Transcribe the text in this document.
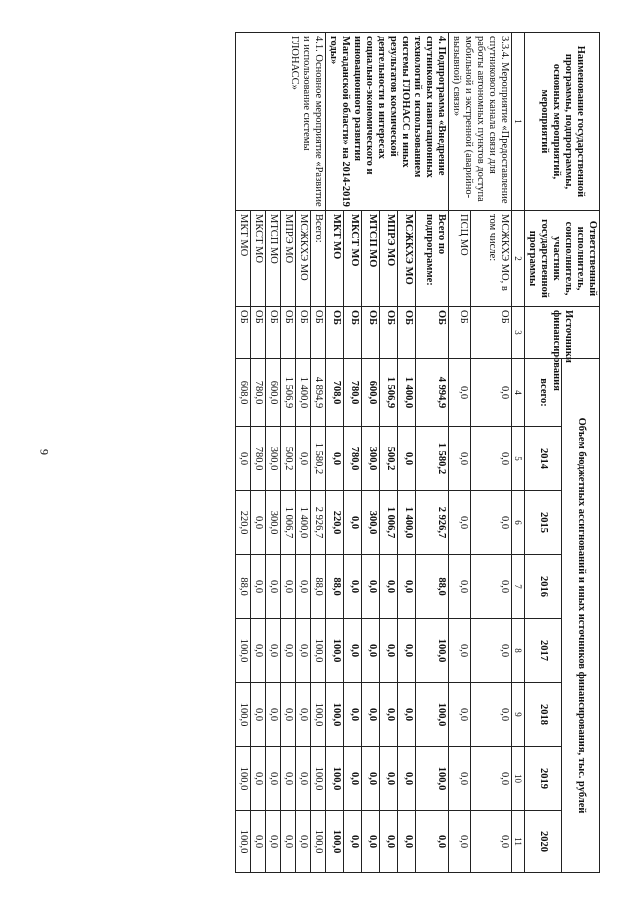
9
Наименование государственной программы, подпрограммы, основных мероприятий, мероприятий	Ответственный исполнитель, соисполнитель, участник государственной программы	Источники финансирования	Объем бюджетных ассигнований и иных источников финансирования, тыс. рублей							
			всего:	2014	2015	2016	2017	2018	2019	2020
1	2	3	4	5	6	7	8	9	10	11
3.3.4. Мероприятие «Предоставление спутникового канала связи для работы автономных пунктов доступа мобильной и экстренной (аварийно-вызывной) связи»	МСЖКХЭ МО, в том числе:	ОБ	0,0	0,0	0,0	0,0	0,0	0,0	0,0	0,0
	ПСЦ МО	ОБ	0,0	0,0	0,0	0,0	0,0	0,0	0,0	0,0
4. Подпрограмма «Внедрение спутниковых навигационных технологий с использованием системы ГЛОНАСС и иных результатов космической деятельности в интересах социально-экономического и инновационного развития Магаданской области» на 2014-2019 годы»	Всего по подпрограмме:	ОБ	4 994,9	1 580,2	2 926,7	88,0	100,0	100,0	100,0	0,0
	МСЖКХЭ МО	ОБ	1 400,0	0,0	1 400,0	0,0	0,0	0,0	0,0	0,0
	МПРЭ МО	ОБ	1 506,9	500,2	1 006,7	0,0	0,0	0,0	0,0	0,0
	МТСП МО	ОБ	600,0	300,0	300,0	0,0	0,0	0,0	0,0	0,0
	МКСТ МО	ОБ	780,0	780,0	0,0	0,0	0,0	0,0	0,0	0,0
	МКТ МО	ОБ	708,0	0,0	220,0	88,0	100,0	100,0	100,0	100,0
4.1. Основное мероприятие «Развитие и использование системы ГЛОНАСС»	Всего:	ОБ	4 894,9	1 580,2	2 926,7	88,0	100,0	100,0	100,0	100,0
	МСЖКХЭ МО	ОБ	1 400,0	0,0	1 400,0	0,0	0,0	0,0	0,0	0,0
	МПРЭ МО	ОБ	1 506,9	500,2	1 006,7	0,0	0,0	0,0	0,0	0,0
	МТСП МО	ОБ	600,0	300,0	300,0	0,0	0,0	0,0	0,0	0,0
	МКСТ МО	ОБ	780,0	780,0	0,0	0,0	0,0	0,0	0,0	0,0
	МКТ МО	ОБ	608,0	0,0	220,0	88,0	100,0	100,0	100,0	100,0
